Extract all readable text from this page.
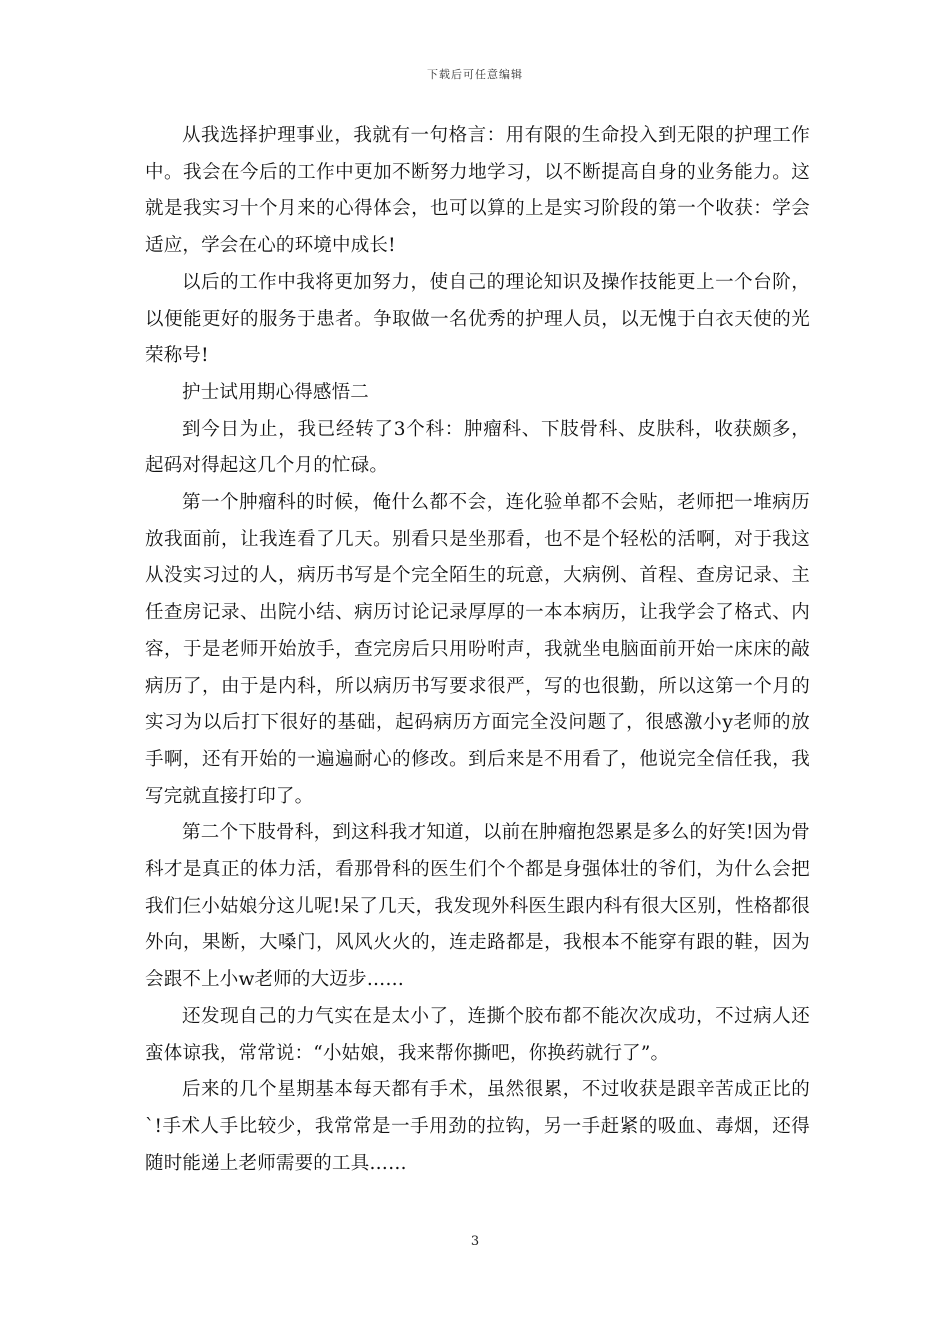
下载后可任意编辑

从我选择护理事业，我就有一句格言：用有限的生命投入到无限的护理工作中。我会在今后的工作中更加不断努力地学习，以不断提高自身的业务能力。这就是我实习十个月来的心得体会，也可以算的上是实习阶段的第一个收获：学会适应，学会在心的环境中成长!

以后的工作中我将更加努力，使自己的理论知识及操作技能更上一个台阶，以便能更好的服务于患者。争取做一名优秀的护理人员，以无愧于白衣天使的光荣称号!

护士试用期心得感悟二

到今日为止，我已经转了3个科：肿瘤科、下肢骨科、皮肤科，收获颇多，起码对得起这几个月的忙碌。

第一个肿瘤科的时候，俺什么都不会，连化验单都不会贴，老师把一堆病历放我面前，让我连看了几天。别看只是坐那看，也不是个轻松的活啊，对于我这从没实习过的人，病历书写是个完全陌生的玩意，大病例、首程、查房记录、主任查房记录、出院小结、病历讨论记录厚厚的一本本病历，让我学会了格式、内容，于是老师开始放手，查完房后只用吩咐声，我就坐电脑面前开始一床床的敲病历了，由于是内科，所以病历书写要求很严，写的也很勤，所以这第一个月的实习为以后打下很好的基础，起码病历方面完全没问题了，很感激小y老师的放手啊，还有开始的一遍遍耐心的修改。到后来是不用看了，他说完全信任我，我写完就直接打印了。

第二个下肢骨科，到这科我才知道，以前在肿瘤抱怨累是多么的好笑!因为骨科才是真正的体力活，看那骨科的医生们个个都是身强体壮的爷们，为什么会把我们仨小姑娘分这儿呢!呆了几天，我发现外科医生跟内科有很大区别，性格都很外向，果断，大嗓门，风风火火的，连走路都是，我根本不能穿有跟的鞋，因为会跟不上小w老师的大迈步……

还发现自己的力气实在是太小了，连撕个胶布都不能次次成功，不过病人还蛮体谅我，常常说：“小姑娘，我来帮你撕吧，你换药就行了”。

后来的几个星期基本每天都有手术，虽然很累，不过收获是跟辛苦成正比的`!手术人手比较少，我常常是一手用劲的拉钩，另一手赶紧的吸血、毒烟，还得随时能递上老师需要的工具……

3
